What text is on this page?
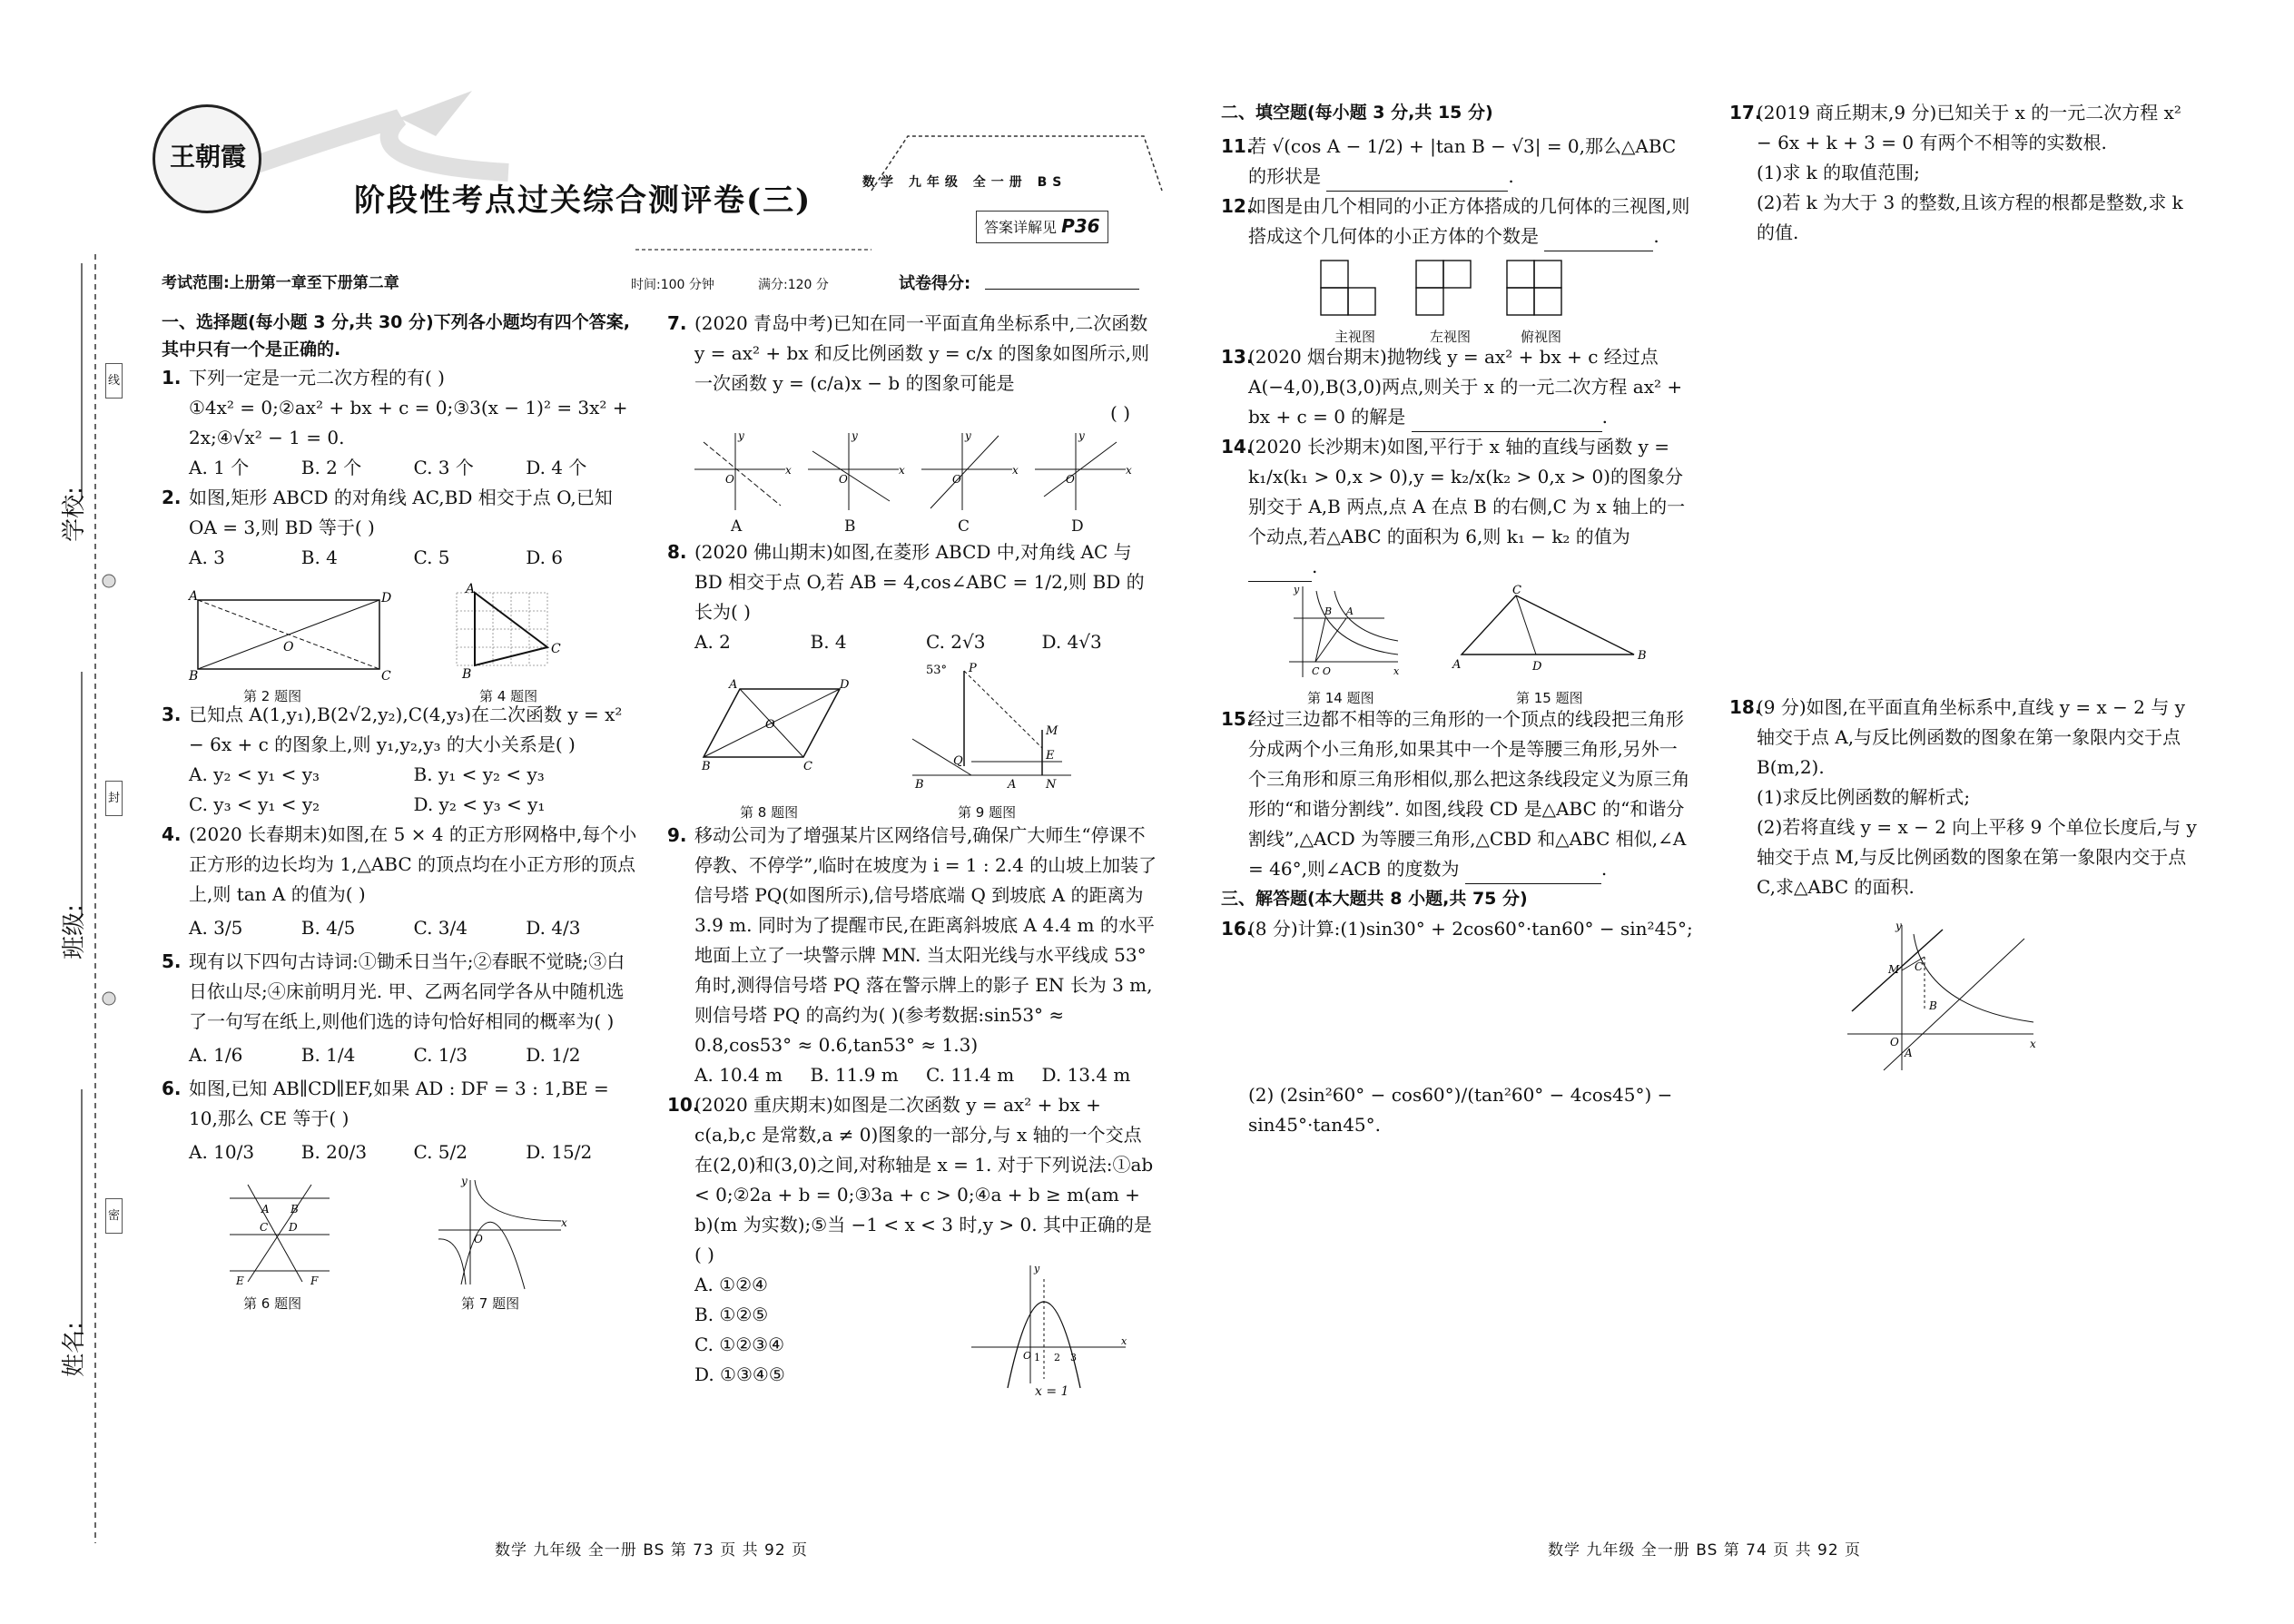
学校:
班级:
姓名:
线
封
密
王朝霞
数学 九年级 全一册 BS
阶段性考点过关综合测评卷(三)
答案详解见 P36
考试范围:上册第一章至下册第二章	时间:100 分钟	满分:120 分	试卷得分:
一、选择题(每小题 3 分,共 30 分)下列各小题均有四个答案,其中只有一个是正确的.
1. 下列一定是一元二次方程的有( )
①4x² = 0;②ax² + bx + c = 0;③3(x − 1)² = 3x² + 2x;④√x² − 1 = 0.
A. 1 个	B. 2 个	C. 3 个	D. 4 个
2. 如图,矩形 ABCD 的对角线 AC,BD 相交于点 O,已知 OA = 3,则 BD 等于( )
A. 3	B. 4	C. 5	D. 6
A	D
B	C
O
A
B
C
第 2 题图	第 4 题图
3. 已知点 A(1,y₁),B(2√2,y₂),C(4,y₃)在二次函数 y = x² − 6x + c 的图象上,则 y₁,y₂,y₃ 的大小关系是( )
A. y₂ < y₁ < y₃	B. y₁ < y₂ < y₃
C. y₃ < y₁ < y₂	D. y₂ < y₃ < y₁
4. (2020 长春期末)如图,在 5 × 4 的正方形网格中,每个小正方形的边长均为 1,△ABC 的顶点均在小正方形的顶点上,则 tan A 的值为( )
A. 3/5	B. 4/5	C. 3/4	D. 4/3
5. 现有以下四句古诗词:①锄禾日当午;②春眠不觉晓;③白日依山尽;④床前明月光. 甲、乙两名同学各从中随机选了一句写在纸上,则他们选的诗句恰好相同的概率为( )
A. 1/6	B. 1/4	C. 1/3	D. 1/2
6. 如图,已知 AB∥CD∥EF,如果 AD : DF = 3 : 1,BE = 10,那么 CE 等于( )
A. 10/3	B. 20/3	C. 5/2	D. 15/2
A B
C D
E	F
x
y
O
第 6 题图	第 7 题图
7. (2020 青岛中考)已知在同一平面直角坐标系中,二次函数 y = ax² + bx 和反比例函数 y = c/x 的图象如图所示,则一次函数 y = (c/a)x − b 的图象可能是
( )
y
x
O
y
x
O
y
x
O
y
x
O
A	B	C	D
8. (2020 佛山期末)如图,在菱形 ABCD 中,对角线 AC 与 BD 相交于点 O,若 AB = 4,cos∠ABC = 1/2,则 BD 的长为( )
A. 2	B. 4	C. 2√3	D. 4√3
A	D
B	C
O
53° P
Q
B	A	N
M
E
第 8 题图	第 9 题图
9. 移动公司为了增强某片区网络信号,确保广大师生“停课不停教、不停学”,临时在坡度为 i = 1 : 2.4 的山坡上加装了信号塔 PQ(如图所示),信号塔底端 Q 到坡底 A 的距离为 3.9 m. 同时为了提醒市民,在距离斜坡底 A 4.4 m 的水平地面上立了一块警示牌 MN. 当太阳光线与水平线成 53°角时,测得信号塔 PQ 落在警示牌上的影子 EN 长为 3 m,则信号塔 PQ 的高约为( )(参考数据:sin53° ≈ 0.8,cos53° ≈ 0.6,tan53° ≈ 1.3)
A. 10.4 m	B. 11.9 m	C. 11.4 m	D. 13.4 m
10.
(2020 重庆期末)如图是二次函数 y = ax² + bx + c(a,b,c 是常数,a ≠ 0)图象的一部分,与 x 轴的一个交点在(2,0)和(3,0)之间,对称轴是 x = 1. 对于下列说法:①ab < 0;②2a + b = 0;③3a + c > 0;④a + b ≥ m(am + b)(m 为实数);⑤当 −1 < x < 3 时,y > 0. 其中正确的是( )
A. ①②④
B. ①②⑤
C. ①②③④
D. ①③④⑤
1 2 3
O
x
y
x = 1
二、填空题(每小题 3 分,共 15 分)
11.
若 √(cos A − 1/2) + |tan B − √3| = 0,那么△ABC 的形状是	.
12.
如图是由几个相同的小正方体搭成的几何体的三视图,则搭成这个几何体的小正方体的个数是	.
主视图	左视图	俯视图
13.
(2020 烟台期末)抛物线 y = ax² + bx + c 经过点 A(−4,0),B(3,0)两点,则关于 x 的一元二次方程 ax² + bx + c = 0 的解是	.
14.
(2020 长沙期末)如图,平行于 x 轴的直线与函数 y = k₁/x(k₁ > 0,x > 0),y = k₂/x(k₂ > 0,x > 0)的图象分别交于 A,B 两点,点 A 在点 B 的右侧,C 为 x 轴上的一个动点,若△ABC 的面积为 6,则 k₁ − k₂ 的值为 .
y
x
C O
B A
C
A	D
B
第 14 题图	第 15 题图
15.
经过三边都不相等的三角形的一个顶点的线段把三角形分成两个小三角形,如果其中一个是等腰三角形,另外一个三角形和原三角形相似,那么把这条线段定义为原三角形的“和谐分割线”. 如图,线段 CD 是△ABC 的“和谐分割线”,△ACD 为等腰三角形,△CBD 和△ABC 相似,∠A = 46°,则∠ACB 的度数为	.
三、解答题(本大题共 8 小题,共 75 分)
16.
(8 分)计算:(1)sin30° + 2cos60°·tan60° − sin²45°;
(2) (2sin²60° − cos60°)/(tan²60° − 4cos45°) − sin45°·tan45°.
17.
(2019 商丘期末,9 分)已知关于 x 的一元二次方程 x² − 6x + k + 3 = 0 有两个不相等的实数根.
(1)求 k 的取值范围;
(2)若 k 为大于 3 的整数,且该方程的根都是整数,求 k 的值.
18.
(9 分)如图,在平面直角坐标系中,直线 y = x − 2 与 y 轴交于点 A,与反比例函数的图象在第一象限内交于点 B(m,2).
(1)求反比例函数的解析式;
(2)若将直线 y = x − 2 向上平移 9 个单位长度后,与 y 轴交于点 M,与反比例函数的图象在第一象限内交于点 C,求△ABC 的面积.
y
x
M C
B
O
A
数学 九年级 全一册 BS 第 73 页 共 92 页	数学 九年级 全一册 BS 第 74 页 共 92 页
